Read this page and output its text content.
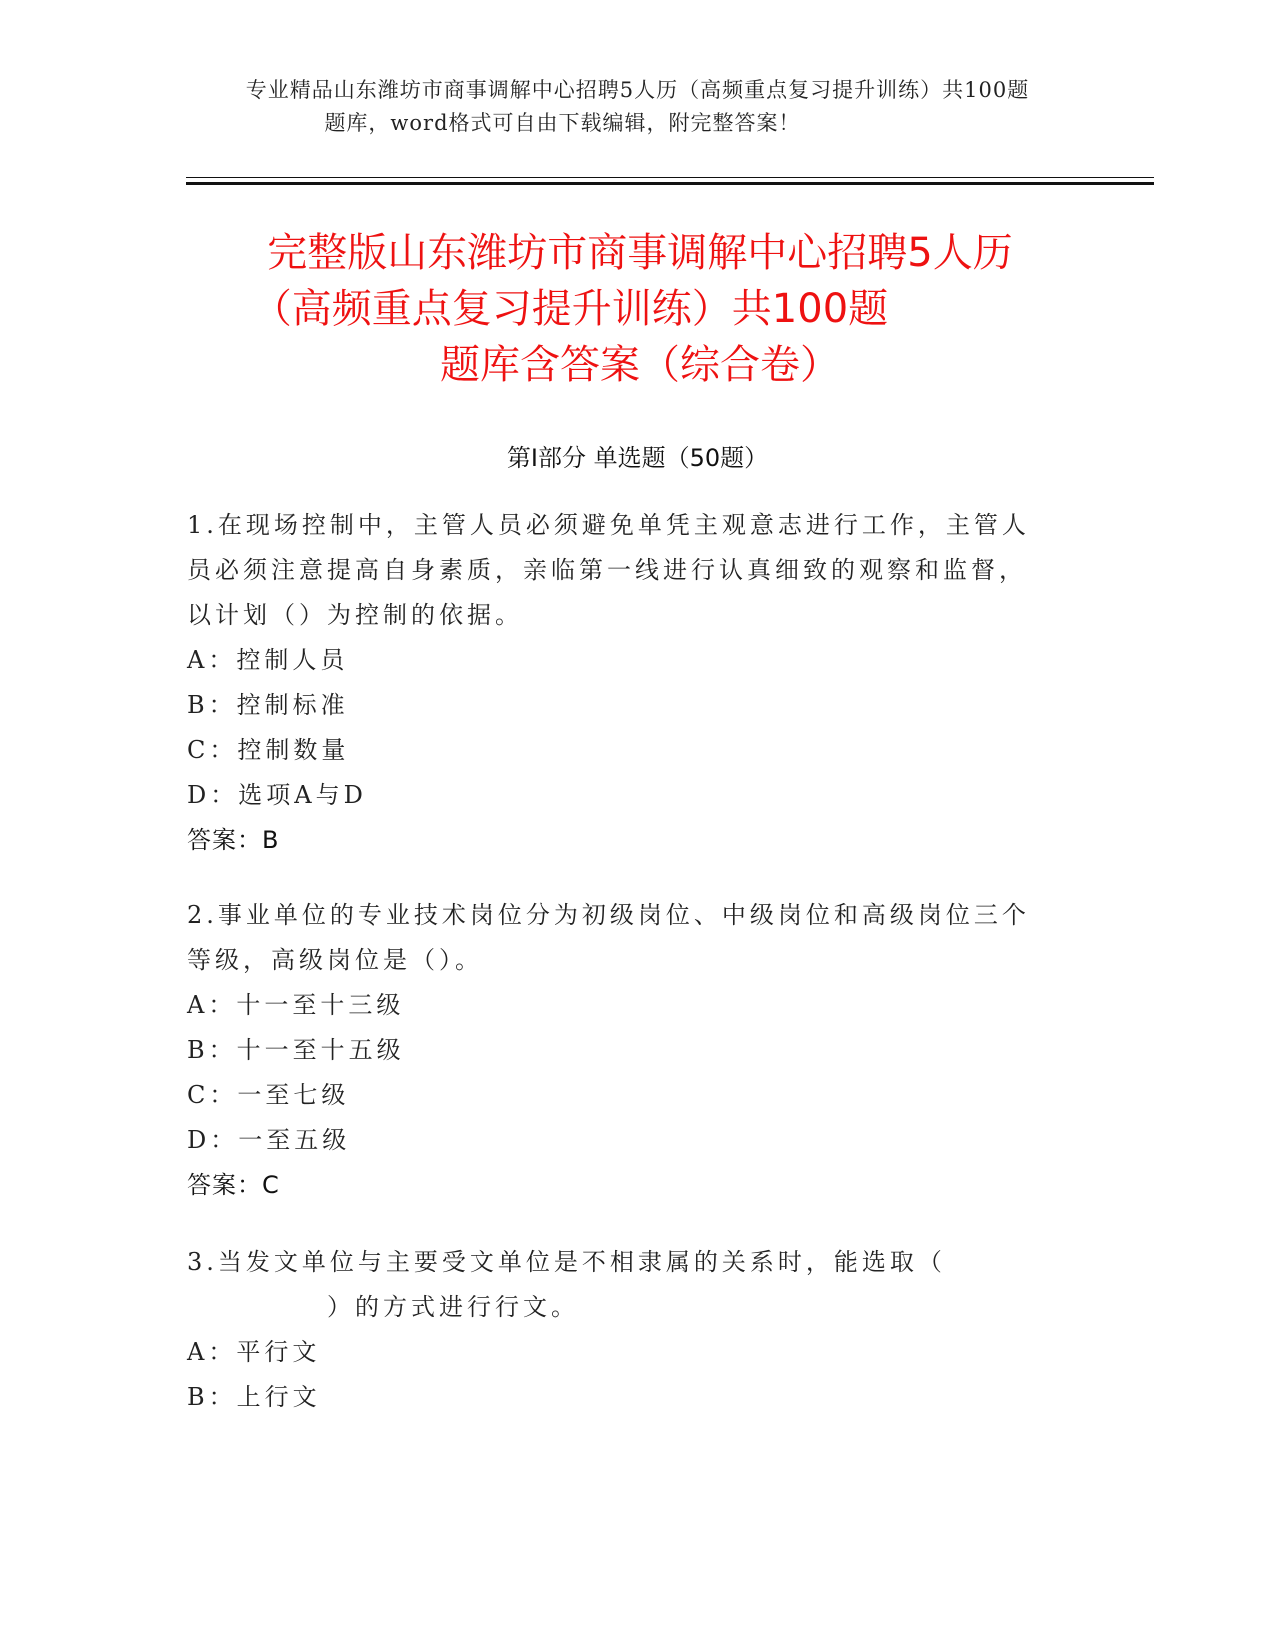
专业精品山东潍坊市商事调解中心招聘5人历（高频重点复习提升训练）共100题

题库，word格式可自由下载编辑，附完整答案！
完整版山东潍坊市商事调解中心招聘5人历
（高频重点复习提升训练）共100题
题库含答案（综合卷）
第Ⅰ部分 单选题（50题）

1.在现场控制中，主管人员必须避免单凭主观意志进行工作，主管人

员必须注意提高自身素质，亲临第一线进行认真细致的观察和监督，

以计划（）为控制的依据。

A：控制人员

B：控制标准

C：控制数量

D：选项A与D

答案：B

2.事业单位的专业技术岗位分为初级岗位、中级岗位和高级岗位三个

等级，高级岗位是（）。

A：十一至十三级

B：十一至十五级

C：一至七级

D：一至五级

答案：C

3.当发文单位与主要受文单位是不相隶属的关系时，能选取（

）的方式进行行文。

A：平行文

B：上行文
